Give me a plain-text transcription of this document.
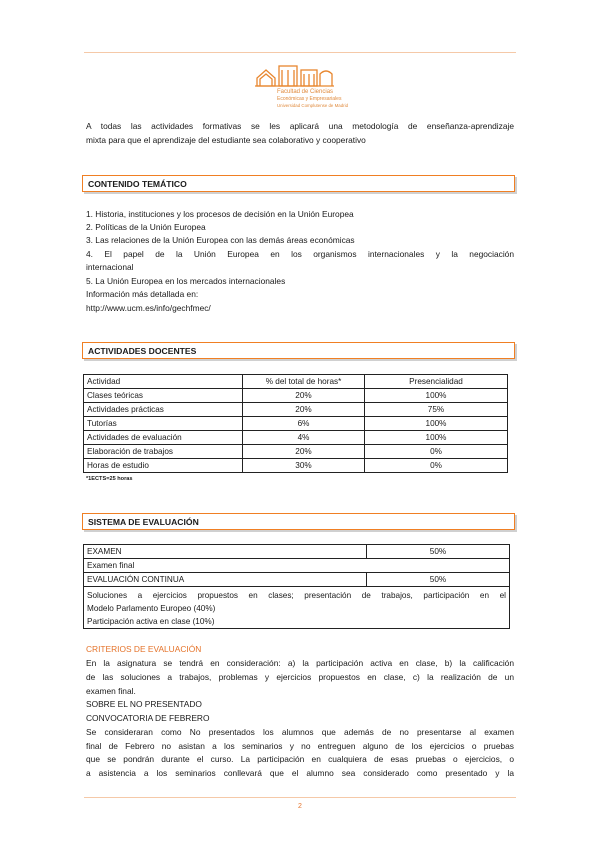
Facultad de Ciencias
Económicas y Empresariales
Universidad Complutense de Madrid
A todas las actividades formativas se les aplicará una metodología de enseñanza-aprendizaje
mixta para que el aprendizaje del estudiante sea colaborativo y cooperativo
CONTENIDO TEMÁTICO
1. Historia, instituciones y los procesos de decisión en la Unión Europea
2. Políticas de la Unión Europea
3. Las relaciones de la Unión Europea con las demás áreas económicas
4. El papel de la Unión Europea en los organismos internacionales y la negociación
internacional
5. La Unión Europea en los mercados internacionales
Información más detallada en:
http://www.ucm.es/info/gechfmec/
ACTIVIDADES DOCENTES
Actividad	% del total de horas*	Presencialidad
Clases teóricas	20%	100%
Actividades prácticas	20%	75%
Tutorías	6%	100%
Actividades de evaluación	4%	100%
Elaboración de trabajos	20%	0%
Horas de estudio	30%	0%
*1ECTS=25 horas
SISTEMA DE EVALUACIÓN
EXAMEN	50%
Examen final	
EVALUACIÓN CONTINUA	50%

Soluciones a ejercicios propuestos en clases; presentación de trabajos, participación en el
Modelo Parlamento Europeo (40%)
Participación activa en clase (10%)	
CRITERIOS DE EVALUACIÓN
En la asignatura se tendrá en consideración: a) la participación activa en clase, b) la calificación
de las soluciones a trabajos, problemas y ejercicios propuestos en clase, c) la realización de un
examen final.
SOBRE EL NO PRESENTADO
CONVOCATORIA DE FEBRERO
Se consideraran como No presentados los alumnos que además de no presentarse al examen
final de Febrero no asistan a los seminarios y no entreguen alguno de los ejercicios o pruebas
que se pondrán durante el curso. La participación en cualquiera de esas pruebas o ejercicios, o
a asistencia a los seminarios conllevará que el alumno sea considerado como presentado y la
2
